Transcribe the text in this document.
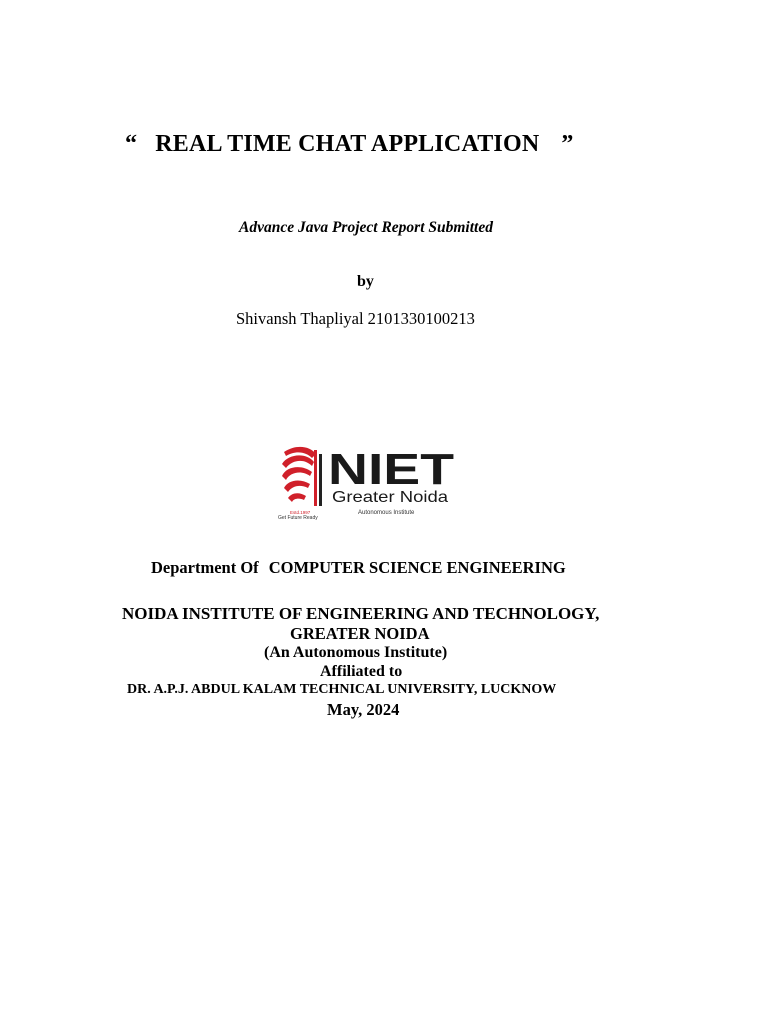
“ REAL TIME CHAT APPLICATION ”
Advance Java Project Report Submitted
by
Shivansh Thapliyal 2101330100213
Estd.1997
Get Future Ready
NIET
Greater Noida
Autonomous Institute
Department Of COMPUTER SCIENCE ENGINEERING
NOIDA INSTITUTE OF ENGINEERING AND TECHNOLOGY,
GREATER NOIDA
(An Autonomous Institute)
Affiliated to
DR. A.P.J. ABDUL KALAM TECHNICAL UNIVERSITY, LUCKNOW
May, 2024
